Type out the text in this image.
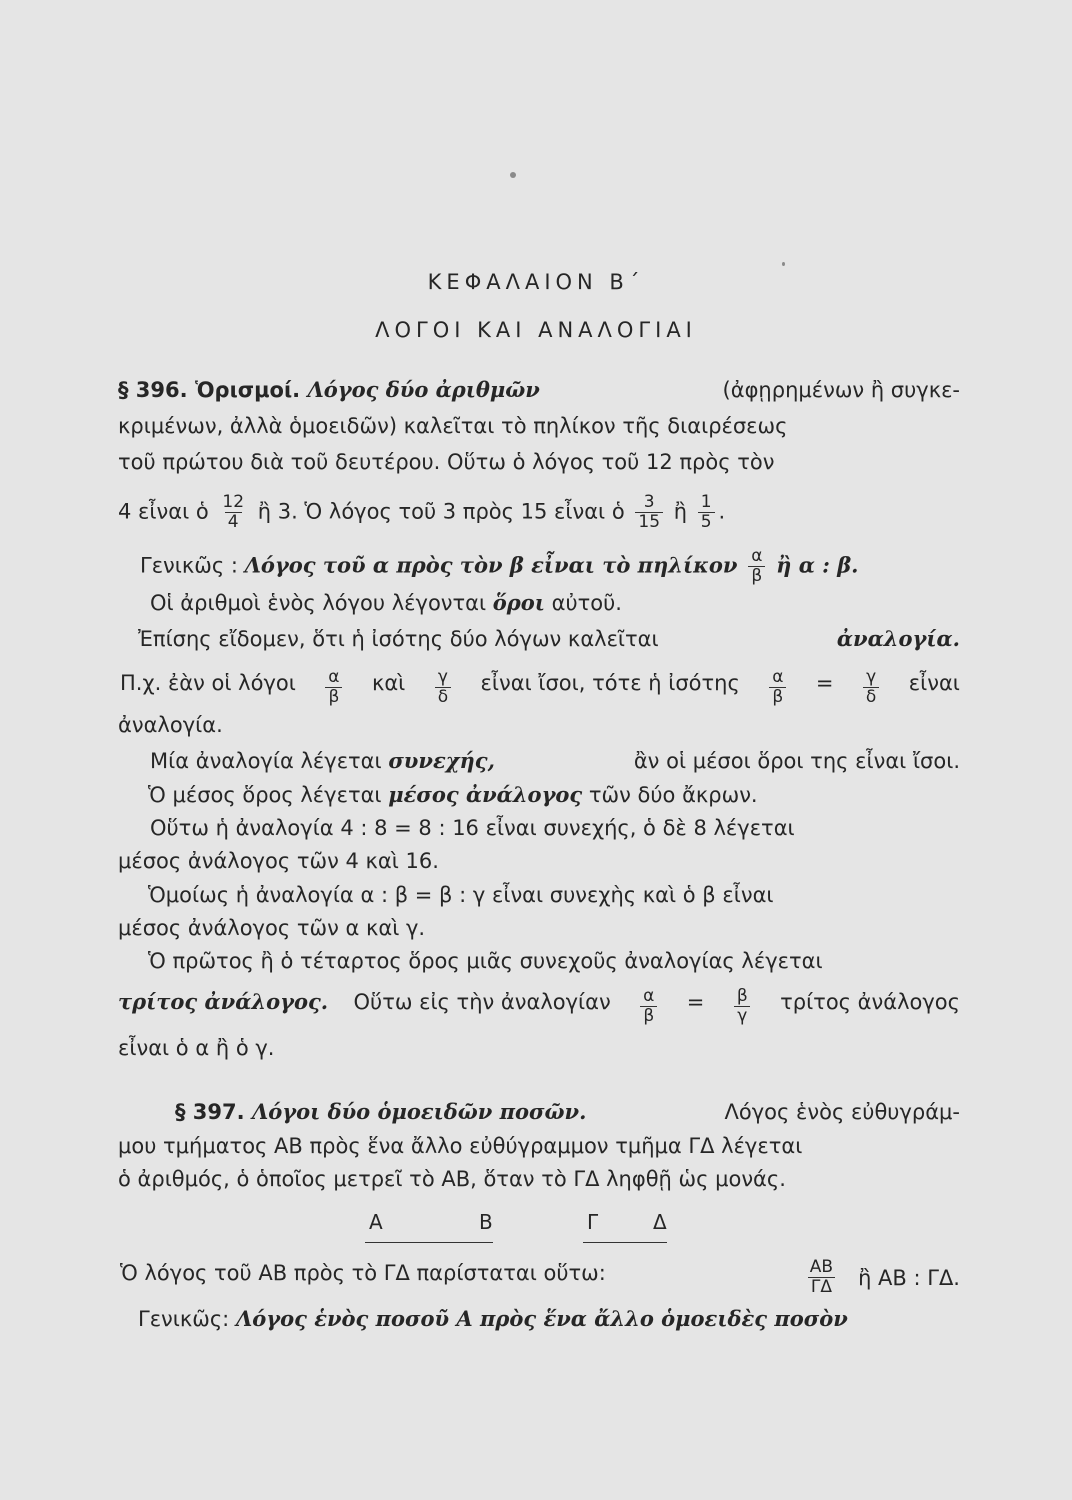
ΚΕΦΑΛΑΙΟΝ Β΄
ΛΟΓΟΙ ΚΑΙ ΑΝΑΛΟΓΙΑΙ
§ 396. Ὁρισμοί. Λόγος δύο ἀριθμῶν	(ἀφῃρημένων ἢ συγκε-
κριμένων, ἀλλὰ ὁμοειδῶν) καλεῖται τὸ πηλίκον τῆς διαιρέσεως
τοῦ πρώτου διὰ τοῦ δευτέρου. Οὕτω ὁ λόγος τοῦ 12 πρὸς τὸν
4 εἶναι ὁ $\frac{12}{4}$ ἢ 3. Ὁ λόγος τοῦ 3 πρὸς 15 εἶναι ὁ $\frac{3}{15}$ ἢ $\frac{1}{5}$ .
Γενικῶς : Λόγος τοῦ α πρὸς τὸν β εἶναι τὸ πηλίκον $\frac{\alpha}{\beta}$ ἢ α : β.
Οἱ ἀριθμοὶ ἑνὸς λόγου λέγονται ὅροι αὐτοῦ.
Ἐπίσης εἴδομεν, ὅτι ἡ ἰσότης δύο λόγων καλεῖται	ἀναλογία.
Π.χ. ἐὰν οἱ λόγοι $\frac{\alpha}{\beta}$ καὶ $\frac{\gamma}{\delta}$ εἶναι ἴσοι, τότε ἡ ἰσότης $\frac{\alpha}{\beta} = \frac{\gamma}{\delta}$ εἶναι
ἀναλογία.
Μία ἀναλογία λέγεται συνεχής,	ἂν οἱ μέσοι ὅροι της εἶναι ἴσοι.
Ὁ μέσος ὅρος λέγεται μέσος ἀνάλογος τῶν δύο ἄκρων.
Οὕτω ἡ ἀναλογία 4 : 8 = 8 : 16 εἶναι συνεχής, ὁ δὲ 8 λέγεται
μέσος ἀνάλογος τῶν 4 καὶ 16.
Ὁμοίως ἡ ἀναλογία α : β = β : γ εἶναι συνεχὴς καὶ ὁ β εἶναι
μέσος ἀνάλογος τῶν α καὶ γ.
Ὁ πρῶτος ἢ ὁ τέταρτος ὅρος μιᾶς συνεχοῦς ἀναλογίας λέγεται
τρίτος ἀνάλογος. Οὕτω εἰς τὴν ἀναλογίαν $\frac{\alpha}{\beta} = \frac{\beta}{\gamma}$ τρίτος ἀνάλογος
εἶναι ὁ α ἢ ὁ γ.
§ 397. Λόγοι δύο ὁμοειδῶν ποσῶν.	Λόγος ἑνὸς εὐθυγράμ-
μου τμήματος ΑΒ πρὸς ἕνα ἄλλο εὐθύγραμμον τμῆμα ΓΔ λέγεται
ὁ ἀριθμός, ὁ ὁποῖος μετρεῖ τὸ ΑΒ, ὅταν τὸ ΓΔ ληφθῇ ὡς μονάς.
Α	Β	Γ	Δ
Ὁ λόγος τοῦ ΑΒ πρὸς τὸ ΓΔ παρίσταται οὕτω:	$\frac{AB}{\Gamma\Delta}$ ἢ ΑΒ : ΓΔ.
Γενικῶς: Λόγος ἑνὸς ποσοῦ Α πρὸς ἕνα ἄλλο ὁμοειδὲς ποσὸν
